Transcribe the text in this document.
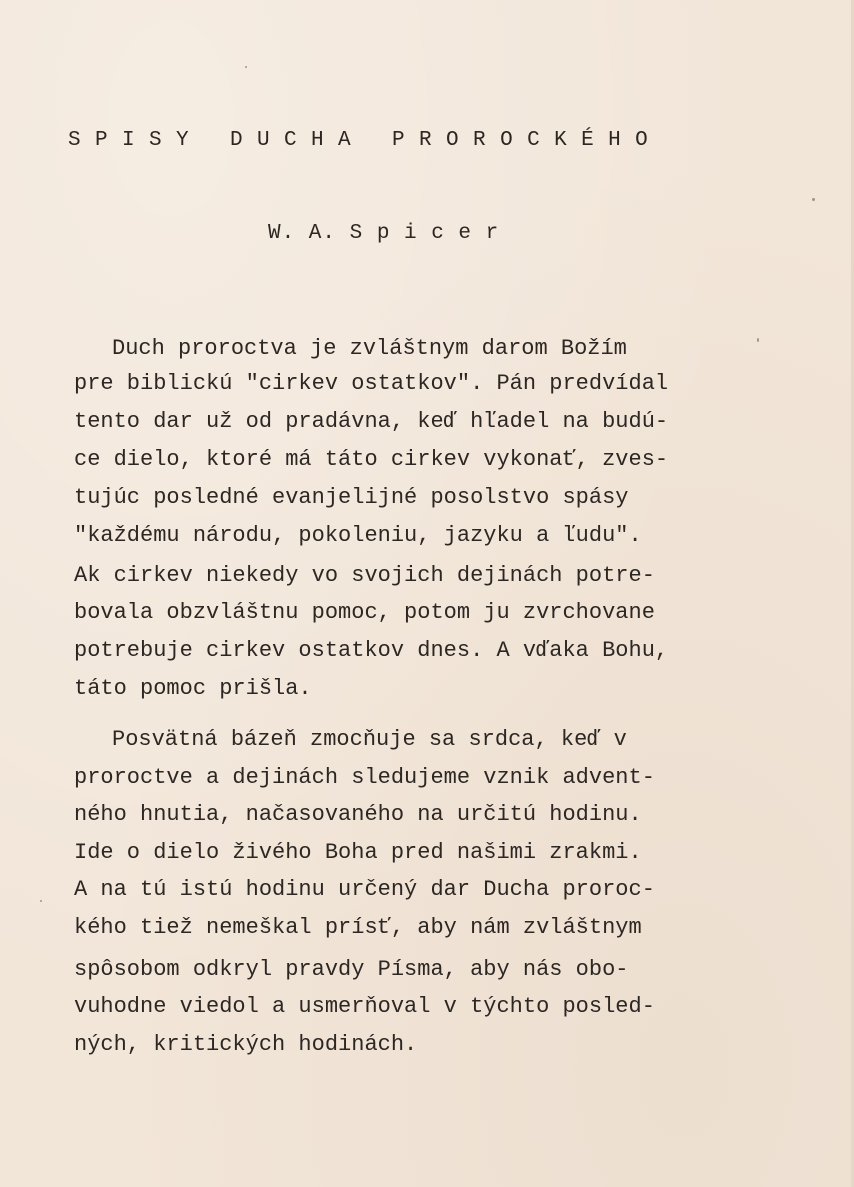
S P I S Y   D U C H A   P R O R O C K É H O
W. A. S p i c e r
Duch proroctva je zvláštnym darom Božím
pre biblickú "cirkev ostatkov". Pán predvídal
tento dar už od pradávna, keď hľadel na budú-
ce dielo, ktoré má táto cirkev vykonať, zves-
tujúc posledné evanjelijné posolstvo spásy
"každému národu, pokoleniu, jazyku a ľudu".
Ak cirkev niekedy vo svojich dejinách potre-
bovala obzvláštnu pomoc, potom ju zvrchovane
potrebuje cirkev ostatkov dnes. A vďaka Bohu,
táto pomoc prišla.
Posvätná bázeň zmocňuje sa srdca, keď v
proroctve a dejinách sledujeme vznik advent-
ného hnutia, načasovaného na určitú hodinu.
Ide o dielo živého Boha pred našimi zrakmi.
A na tú istú hodinu určený dar Ducha proroc-
kého tiež nemeškal prísť, aby nám zvláštnym
spôsobom odkryl pravdy Písma, aby nás obo-
vuhodne viedol a usmerňoval v týchto posled-
ných, kritických hodinách.
